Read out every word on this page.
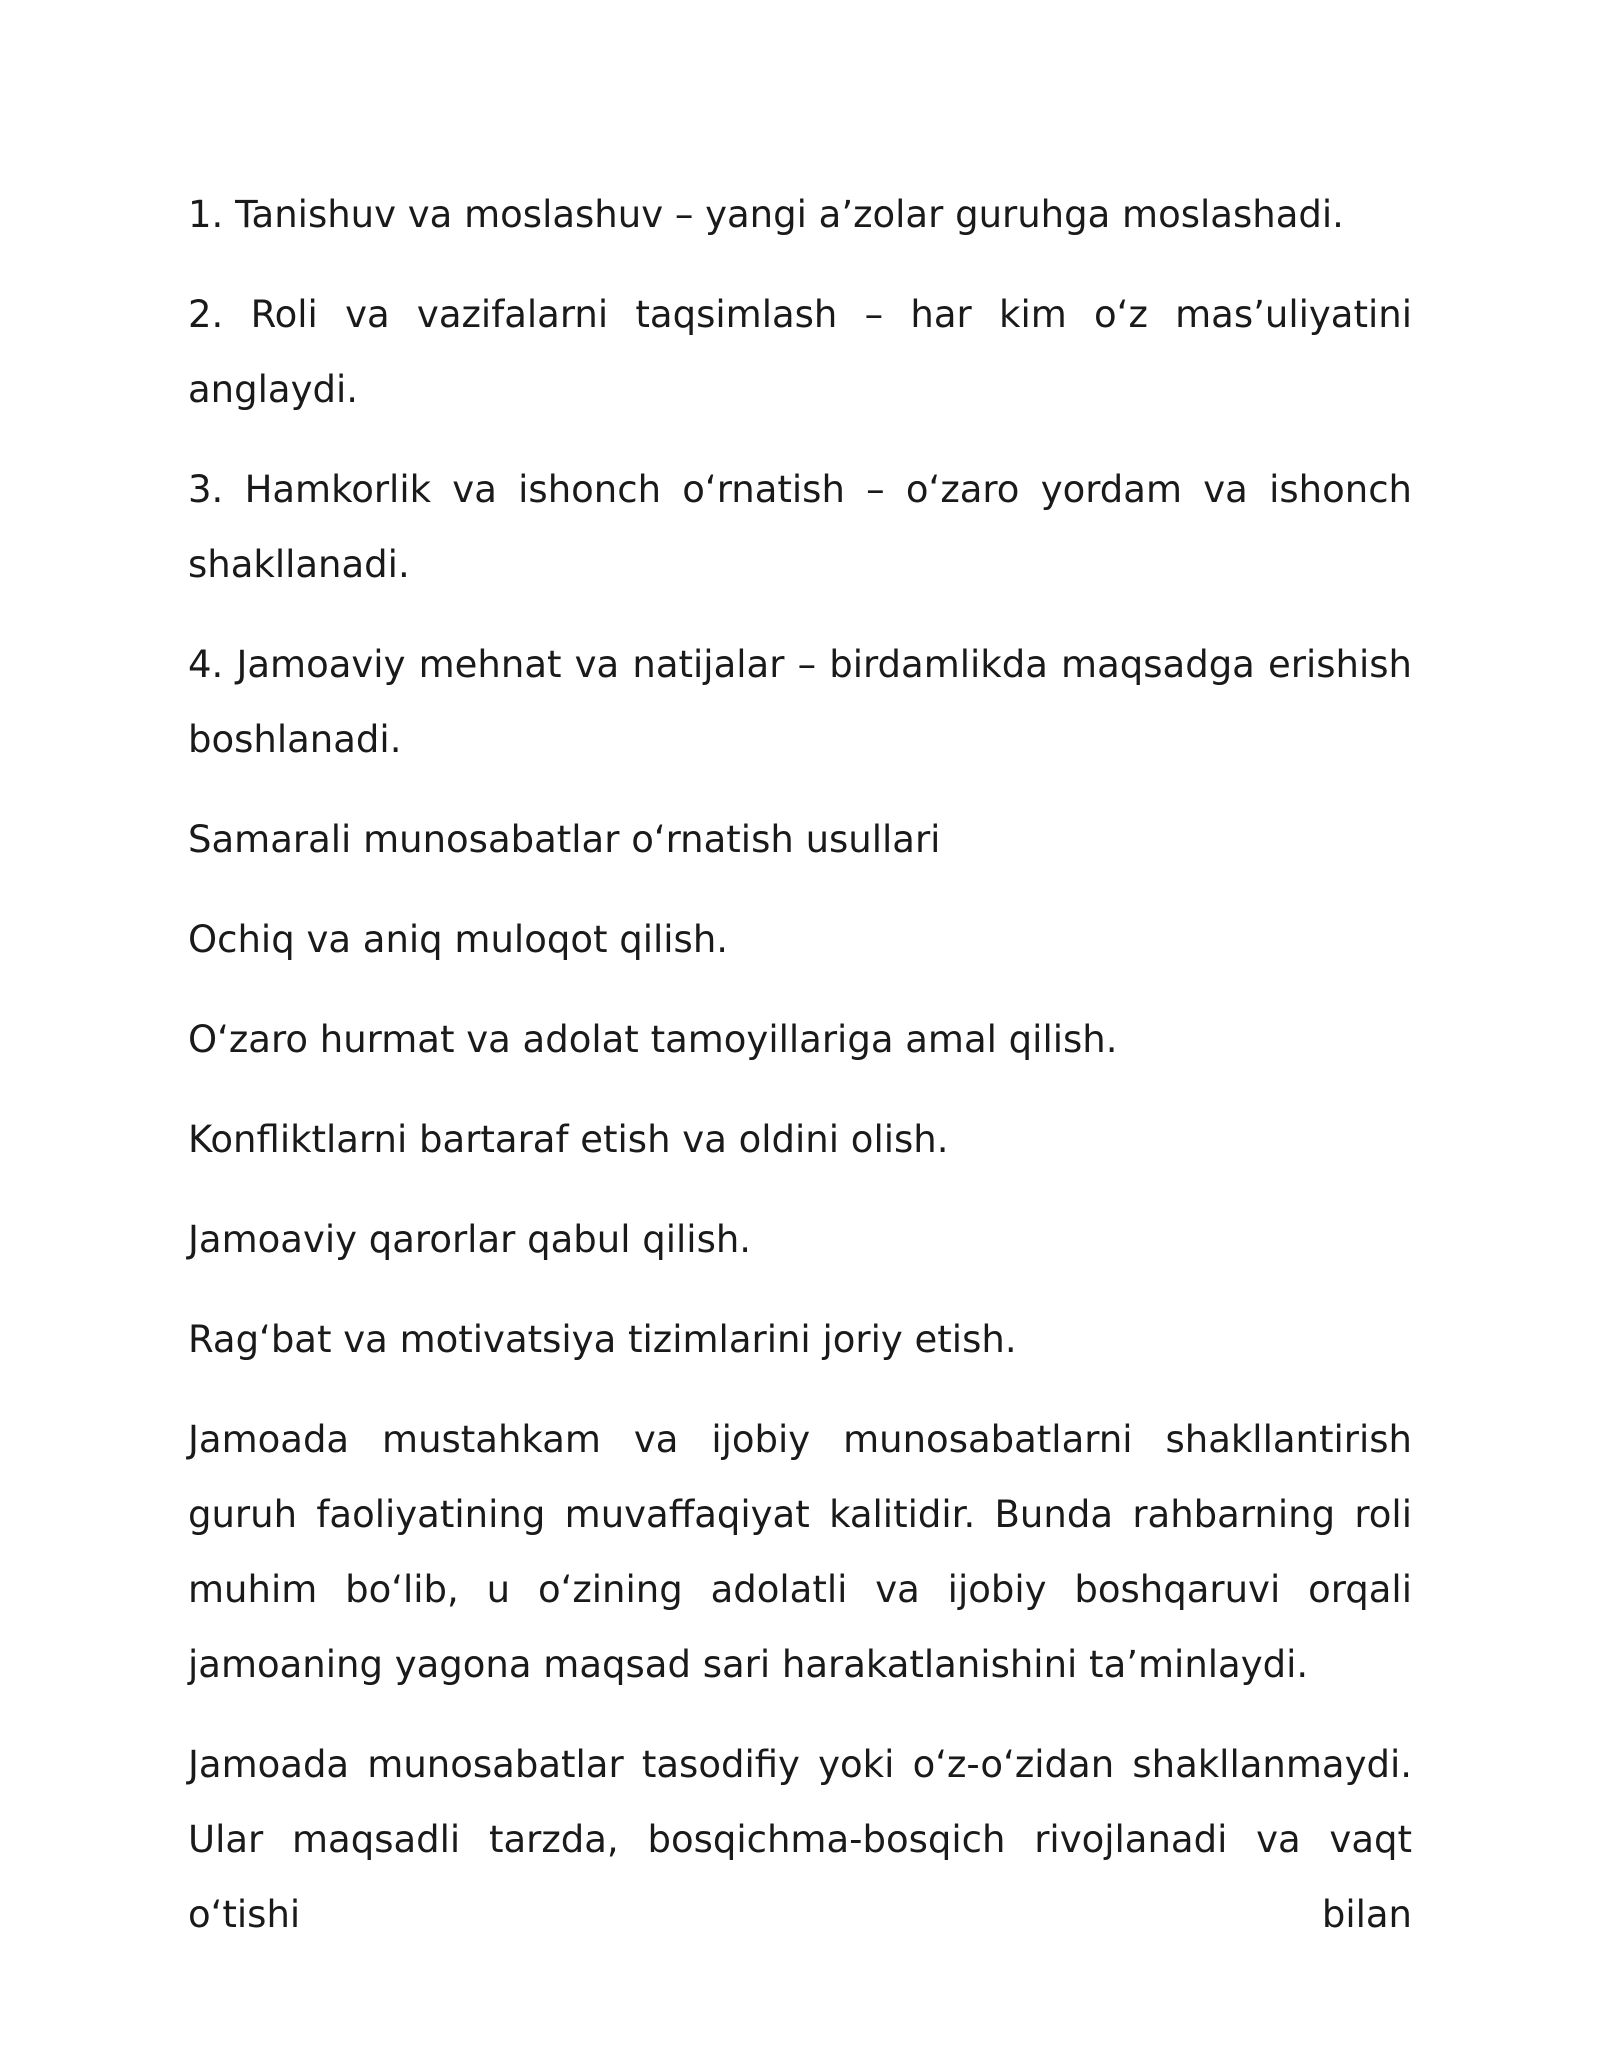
1. Tanishuv va moslashuv – yangi a’zolar guruhga moslashadi.

2. Roli va vazifalarni taqsimlash – har kim o‘z mas’uliyatini anglaydi.

3. Hamkorlik va ishonch o‘rnatish – o‘zaro yordam va ishonch shakllanadi.

4. Jamoaviy mehnat va natijalar – birdamlikda maqsadga erishish boshlanadi.

Samarali munosabatlar o‘rnatish usullari

Ochiq va aniq muloqot qilish.

O‘zaro hurmat va adolat tamoyillariga amal qilish.

Konfliktlarni bartaraf etish va oldini olish.

Jamoaviy qarorlar qabul qilish.

Rag‘bat va motivatsiya tizimlarini joriy etish.

Jamoada mustahkam va ijobiy munosabatlarni shakllantirish guruh faoliyatining muvaffaqiyat kalitidir. Bunda rahbarning roli muhim bo‘lib, u o‘zining adolatli va ijobiy boshqaruvi orqali jamoaning yagona maqsad sari harakatlanishini ta’minlaydi.

Jamoada munosabatlar tasodifiy yoki o‘z-o‘zidan shakllanmaydi. Ular maqsadli tarzda, bosqichma-bosqich rivojlanadi va vaqt o‘tishi bilan
